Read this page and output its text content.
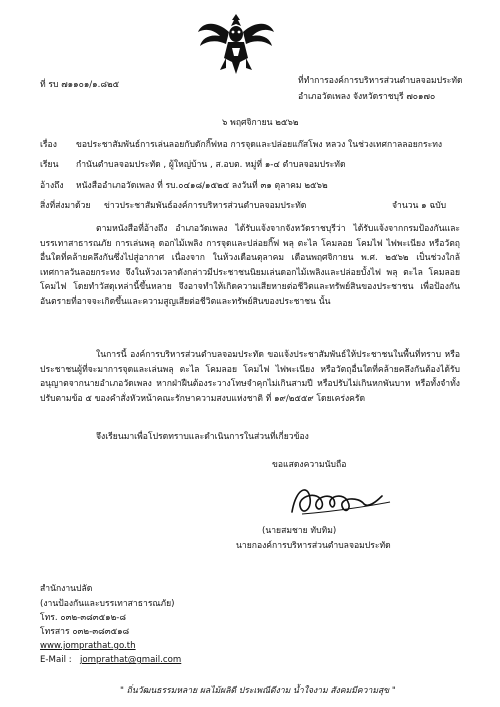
ที่ รบ ๗๑๑๐๑/๑.๘๒๕	ที่ทำการองค์การบริหารส่วนตำบลจอมประทัด
อำเภอวัดเพลง จังหวัดราชบุรี ๗๐๑๗๐
๖ พฤศจิกายน ๒๕๖๒
เรื่อง ขอประชาสัมพันธ์การเล่นลอยกับดักกิ๊ฟหอ การจุดและปล่อยแก๊สโพง หลวง ในช่วงเทศกาลลอยกระทง
เรียน กำนันตำบลจอมประทัด , ผู้ใหญ่บ้าน , ส.อบต. หมู่ที่ ๑-๔ ตำบลจอมประทัด
อ้างถึง หนังสืออำเภอวัดเพลง ที่ รบ.๐๔๑๘/๑๕๒๕ ลงวันที่ ๓๑ ตุลาคม ๒๕๖๒
สิ่งที่ส่งมาด้วย ข่าวประชาสัมพันธ์องค์การบริหารส่วนตำบลจอมประทัด	จำนวน ๑ ฉบับ
ตามหนังสือที่อ้างถึง อำเภอวัดเพลง ได้รับแจ้งจากจังหวัดราชบุรีว่า ได้รับแจ้งจากกรมป้องกันและบรรเทาสาธารณภัย การเล่นพลุ ดอกไม้เพลิง การจุดและปล่อยกิ๊ฟ พลุ ตะไล โคมลอย โคมไฟ ไฟพะเนียง หรือวัตถุอื่นใดที่คล้ายคลึงกันซึ่งไปสู่อากาศ เนื่องจาก ในห้วงเดือนตุลาคม เดือนพฤศจิกายน พ.ศ. ๒๕๖๒ เป็นช่วงใกล้เทศกาลวันลอยกระทง จึงในห้วงเวลาดังกล่าวมีประชาชนนิยมเล่นดอกไม้เพลิงและปล่อยบั้งไฟ พลุ ตะไล โคมลอย โคมไฟ โดยทำวัสดุเหล่านี้ขึ้นหลาย จึงอาจทำให้เกิดความเสียหายต่อชีวิตและทรัพย์สินของประชาชน เพื่อป้องกันอันตรายที่อาจจะเกิดขึ้นและความสูญเสียต่อชีวิตและทรัพย์สินของประชาชน นั้น
ในการนี้ องค์การบริหารส่วนตำบลจอมประทัด ขอแจ้งประชาสัมพันธ์ให้ประชาชนในพื้นที่ทราบ หรือประชาชนผู้ที่จะมาการจุดและเล่นพลุ ตะไล โคมลอย โคมไฟ ไฟพะเนียง หรือวัตถุอื่นใดที่คล้ายคลึงกันต้องได้รับอนุญาตจากนายอำเภอวัดเพลง หากฝ่าฝืนต้องระวางโทษจำคุกไม่เกินสามปี หรือปรับไม่เกินหกพันบาท หรือทั้งจำทั้งปรับตามข้อ ๕ ของคำสั่งหัวหน้าคณะรักษาความสงบแห่งชาติ ที่ ๑๙/๒๕๕๙ โดยเคร่งครัด
จึงเรียนมาเพื่อโปรดทราบและดำเนินการในส่วนที่เกี่ยวข้อง
ขอแสดงความนับถือ
(นายสมชาย ทับทิม)
นายกองค์การบริหารส่วนตำบลจอมประทัด
สำนักงานปลัด
(งานป้องกันและบรรเทาสาธารณภัย)
โทร. ๐๓๒-๓๘๓๕๑๒-๘
โทรสาร ๐๓๒-๓๘๓๕๑๘
www.jomprathat.go.th
E-Mail : jomprathat@gmail.com
" ถิ่นวัฒนธรรมหลาย ผลไม้ผลิดี ประเพณีดีงาม น้ำใจงาม สังคมมีความสุข "
